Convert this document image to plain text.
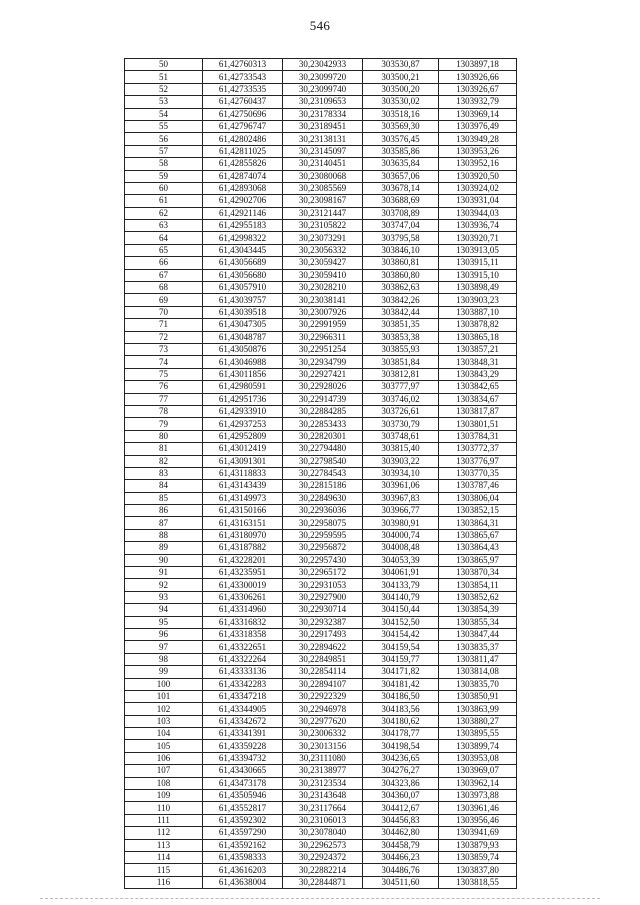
546
50	61,42760313	30,23042933	303530,87	1303897,18
51	61,42733543	30,23099720	303500,21	1303926,66
52	61,42733535	30,23099740	303500,20	1303926,67
53	61,42760437	30,23109653	303530,02	1303932,79
54	61,42750696	30,23178334	303518,16	1303969,14
55	61,42796747	30,23189451	303569,30	1303976,49
56	61,42802486	30,23138131	303576,45	1303949,28
57	61,42811025	30,23145097	303585,86	1303953,26
58	61,42855826	30,23140451	303635,84	1303952,16
59	61,42874074	30,23080068	303657,06	1303920,50
60	61,42893068	30,23085569	303678,14	1303924,02
61	61,42902706	30,23098167	303688,69	1303931,04
62	61,42921146	30,23121447	303708,89	1303944,03
63	61,42955183	30,23105822	303747,04	1303936,74
64	61,42998322	30,23073291	303795,58	1303920,71
65	61,43043445	30,23056332	303846,10	1303913,05
66	61,43056689	30,23059427	303860,81	1303915,11
67	61,43056680	30,23059410	303860,80	1303915,10
68	61,43057910	30,23028210	303862,63	1303898,49
69	61,43039757	30,23038141	303842,26	1303903,23
70	61,43039518	30,23007926	303842,44	1303887,10
71	61,43047305	30,22991959	303851,35	1303878,82
72	61,43048787	30,22966311	303853,38	1303865,18
73	61,43050876	30,22951254	303855,93	1303857,21
74	61,43046988	30,22934799	303851,84	1303848,31
75	61,43011856	30,22927421	303812,81	1303843,29
76	61,42980591	30,22928026	303777,97	1303842,65
77	61,42951736	30,22914739	303746,02	1303834,67
78	61,42933910	30,22884285	303726,61	1303817,87
79	61,42937253	30,22853433	303730,79	1303801,51
80	61,42952809	30,22820301	303748,61	1303784,31
81	61,43012419	30,22794480	303815,40	1303772,37
82	61,43091301	30,22798540	303903,22	1303776,97
83	61,43118833	30,22784543	303934,10	1303770,35
84	61,43143439	30,22815186	303961,06	1303787,46
85	61,43149973	30,22849630	303967,83	1303806,04
86	61,43150166	30,22936036	303966,77	1303852,15
87	61,43163151	30,22958075	303980,91	1303864,31
88	61,43180970	30,22959595	304000,74	1303865,67
89	61,43187882	30,22956872	304008,48	1303864,43
90	61,43228201	30,22957430	304053,39	1303865,97
91	61,43235951	30,22965172	304061,91	1303870,34
92	61,43300019	30,22931053	304133,79	1303854,11
93	61,43306261	30,22927900	304140,79	1303852,62
94	61,43314960	30,22930714	304150,44	1303854,39
95	61,43316832	30,22932387	304152,50	1303855,34
96	61,43318358	30,22917493	304154,42	1303847,44
97	61,43322651	30,22894622	304159,54	1303835,37
98	61,43322264	30,22849851	304159,77	1303811,47
99	61,43333136	30,22854114	304171,82	1303814,08
100	61,43342283	30,22894107	304181,42	1303835,70
101	61,43347218	30,22922329	304186,50	1303850,91
102	61,43344905	30,22946978	304183,56	1303863,99
103	61,43342672	30,22977620	304180,62	1303880,27
104	61,43341391	30,23006332	304178,77	1303895,55
105	61,43359228	30,23013156	304198,54	1303899,74
106	61,43394732	30,23111080	304236,65	1303953,08
107	61,43430665	30,23138977	304276,27	1303969,07
108	61,43473178	30,23123534	304323,86	1303962,14
109	61,43505946	30,23143648	304360,07	1303973,88
110	61,43552817	30,23117664	304412,67	1303961,46
111	61,43592302	30,23106013	304456,83	1303956,46
112	61,43597290	30,23078040	304462,80	1303941,69
113	61,43592162	30,22962573	304458,79	1303879,93
114	61,43598333	30,22924372	304466,23	1303859,74
115	61,43616203	30,22882214	304486,76	1303837,80
116	61,43638004	30,22844871	304511,60	1303818,55
